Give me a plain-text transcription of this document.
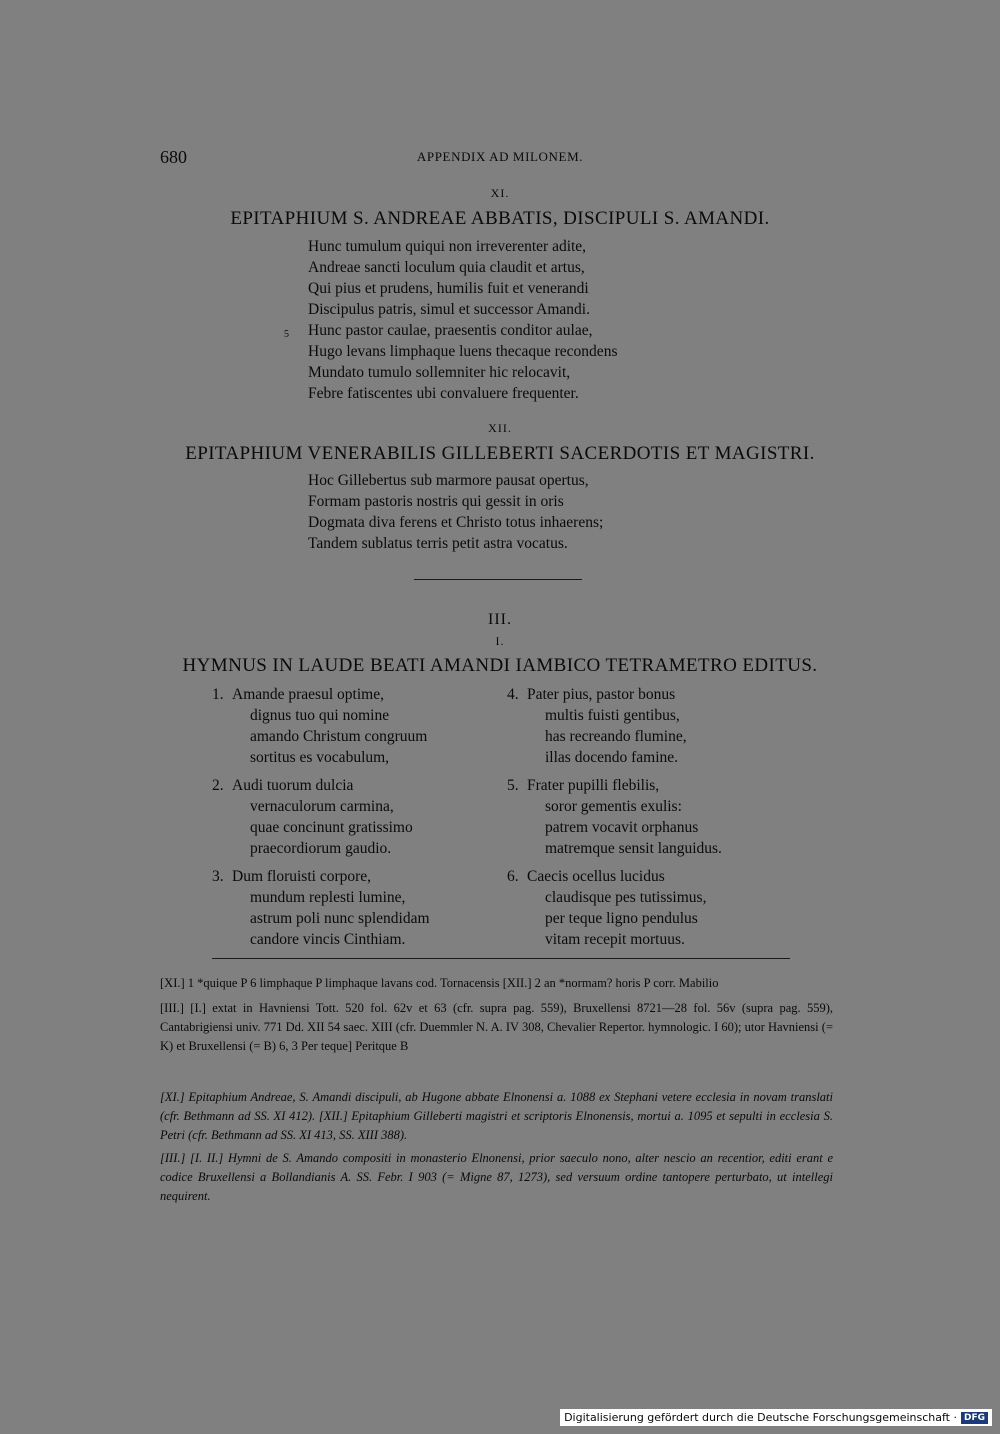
680	APPENDIX AD MILONEM.
XI.
EPITAPHIUM S. ANDREAE ABBATIS, DISCIPULI S. AMANDI.
Hunc tumulum quiqui non irreverenter adite,
Andreae sancti loculum quia claudit et artus,
Qui pius et prudens, humilis fuit et venerandi
Discipulus patris, simul et successor Amandi.
5 Hunc pastor caulae, praesentis conditor aulae,
Hugo levans limphaque luens thecaque recondens
Mundato tumulo sollemniter hic relocavit,
Febre fatiscentes ubi convaluere frequenter.
XII.
EPITAPHIUM VENERABILIS GILLEBERTI SACERDOTIS ET MAGISTRI.
Hoc Gillebertus sub marmore pausat opertus,
Formam pastoris nostris qui gessit in oris
Dogmata diva ferens et Christo totus inhaerens;
Tandem sublatus terris petit astra vocatus.
III.
I.
HYMNUS IN LAUDE BEATI AMANDI IAMBICO TETRAMETRO EDITUS.
1. Amande praesul optime,
dignus tuo qui nomine
amando Christum congruum
sortitus es vocabulum,
2. Audi tuorum dulcia
vernaculorum carmina,
quae concinunt gratissimo
praecordiorum gaudio.
3. Dum floruisti corpore,
mundum replesti lumine,
astrum poli nunc splendidam
candore vincis Cinthiam.
4. Pater pius, pastor bonus
multis fuisti gentibus,
has recreando flumine,
illas docendo famine.
5. Frater pupilli flebilis,
soror gementis exulis:
patrem vocavit orphanus
matremque sensit languidus.
6. Caecis ocellus lucidus
claudisque pes tutissimus,
per teque ligno pendulus
vitam recepit mortuus.
[XI.] 1 *quique P 6 limphaque P limphaque lavans cod. Tornacensis [XII.] 2 an *normam? horis P corr. Mabilio
[III.] [I.] extat in Havniensi Tott. 520 fol. 62v et 63 (cfr. supra pag. 559), Bruxellensi 8721—28 fol. 56v (supra pag. 559), Cantabrigiensi univ. 771 Dd. XII 54 saec. XIII (cfr. Duemmler N. A. IV 308, Chevalier Repertor. hymnologic. I 60); utor Havniensi (= K) et Bruxellensi (= B) 6, 3 Per teque] Peritque B
[XI.] Epitaphium Andreae, S. Amandi discipuli, ab Hugone abbate Elnonensi a. 1088 ex Stephani vetere ecclesia in novam translati (cfr. Bethmann ad SS. XI 412). [XII.] Epitaphium Gilleberti magistri et scriptoris Elnonensis, mortui a. 1095 et sepulti in ecclesia S. Petri (cfr. Bethmann ad SS. XI 413, SS. XIII 388).
[III.] [I. II.] Hymni de S. Amando compositi in monasterio Elnonensi, prior saeculo nono, alter nescio an recentior, editi erant e codice Bruxellensi a Bollandianis A. SS. Febr. I 903 (= Migne 87, 1273), sed versuum ordine tantopere perturbato, ut intellegi nequirent.
Digitalisierung gefördert durch die Deutsche Forschungsgemeinschaft · DFG
